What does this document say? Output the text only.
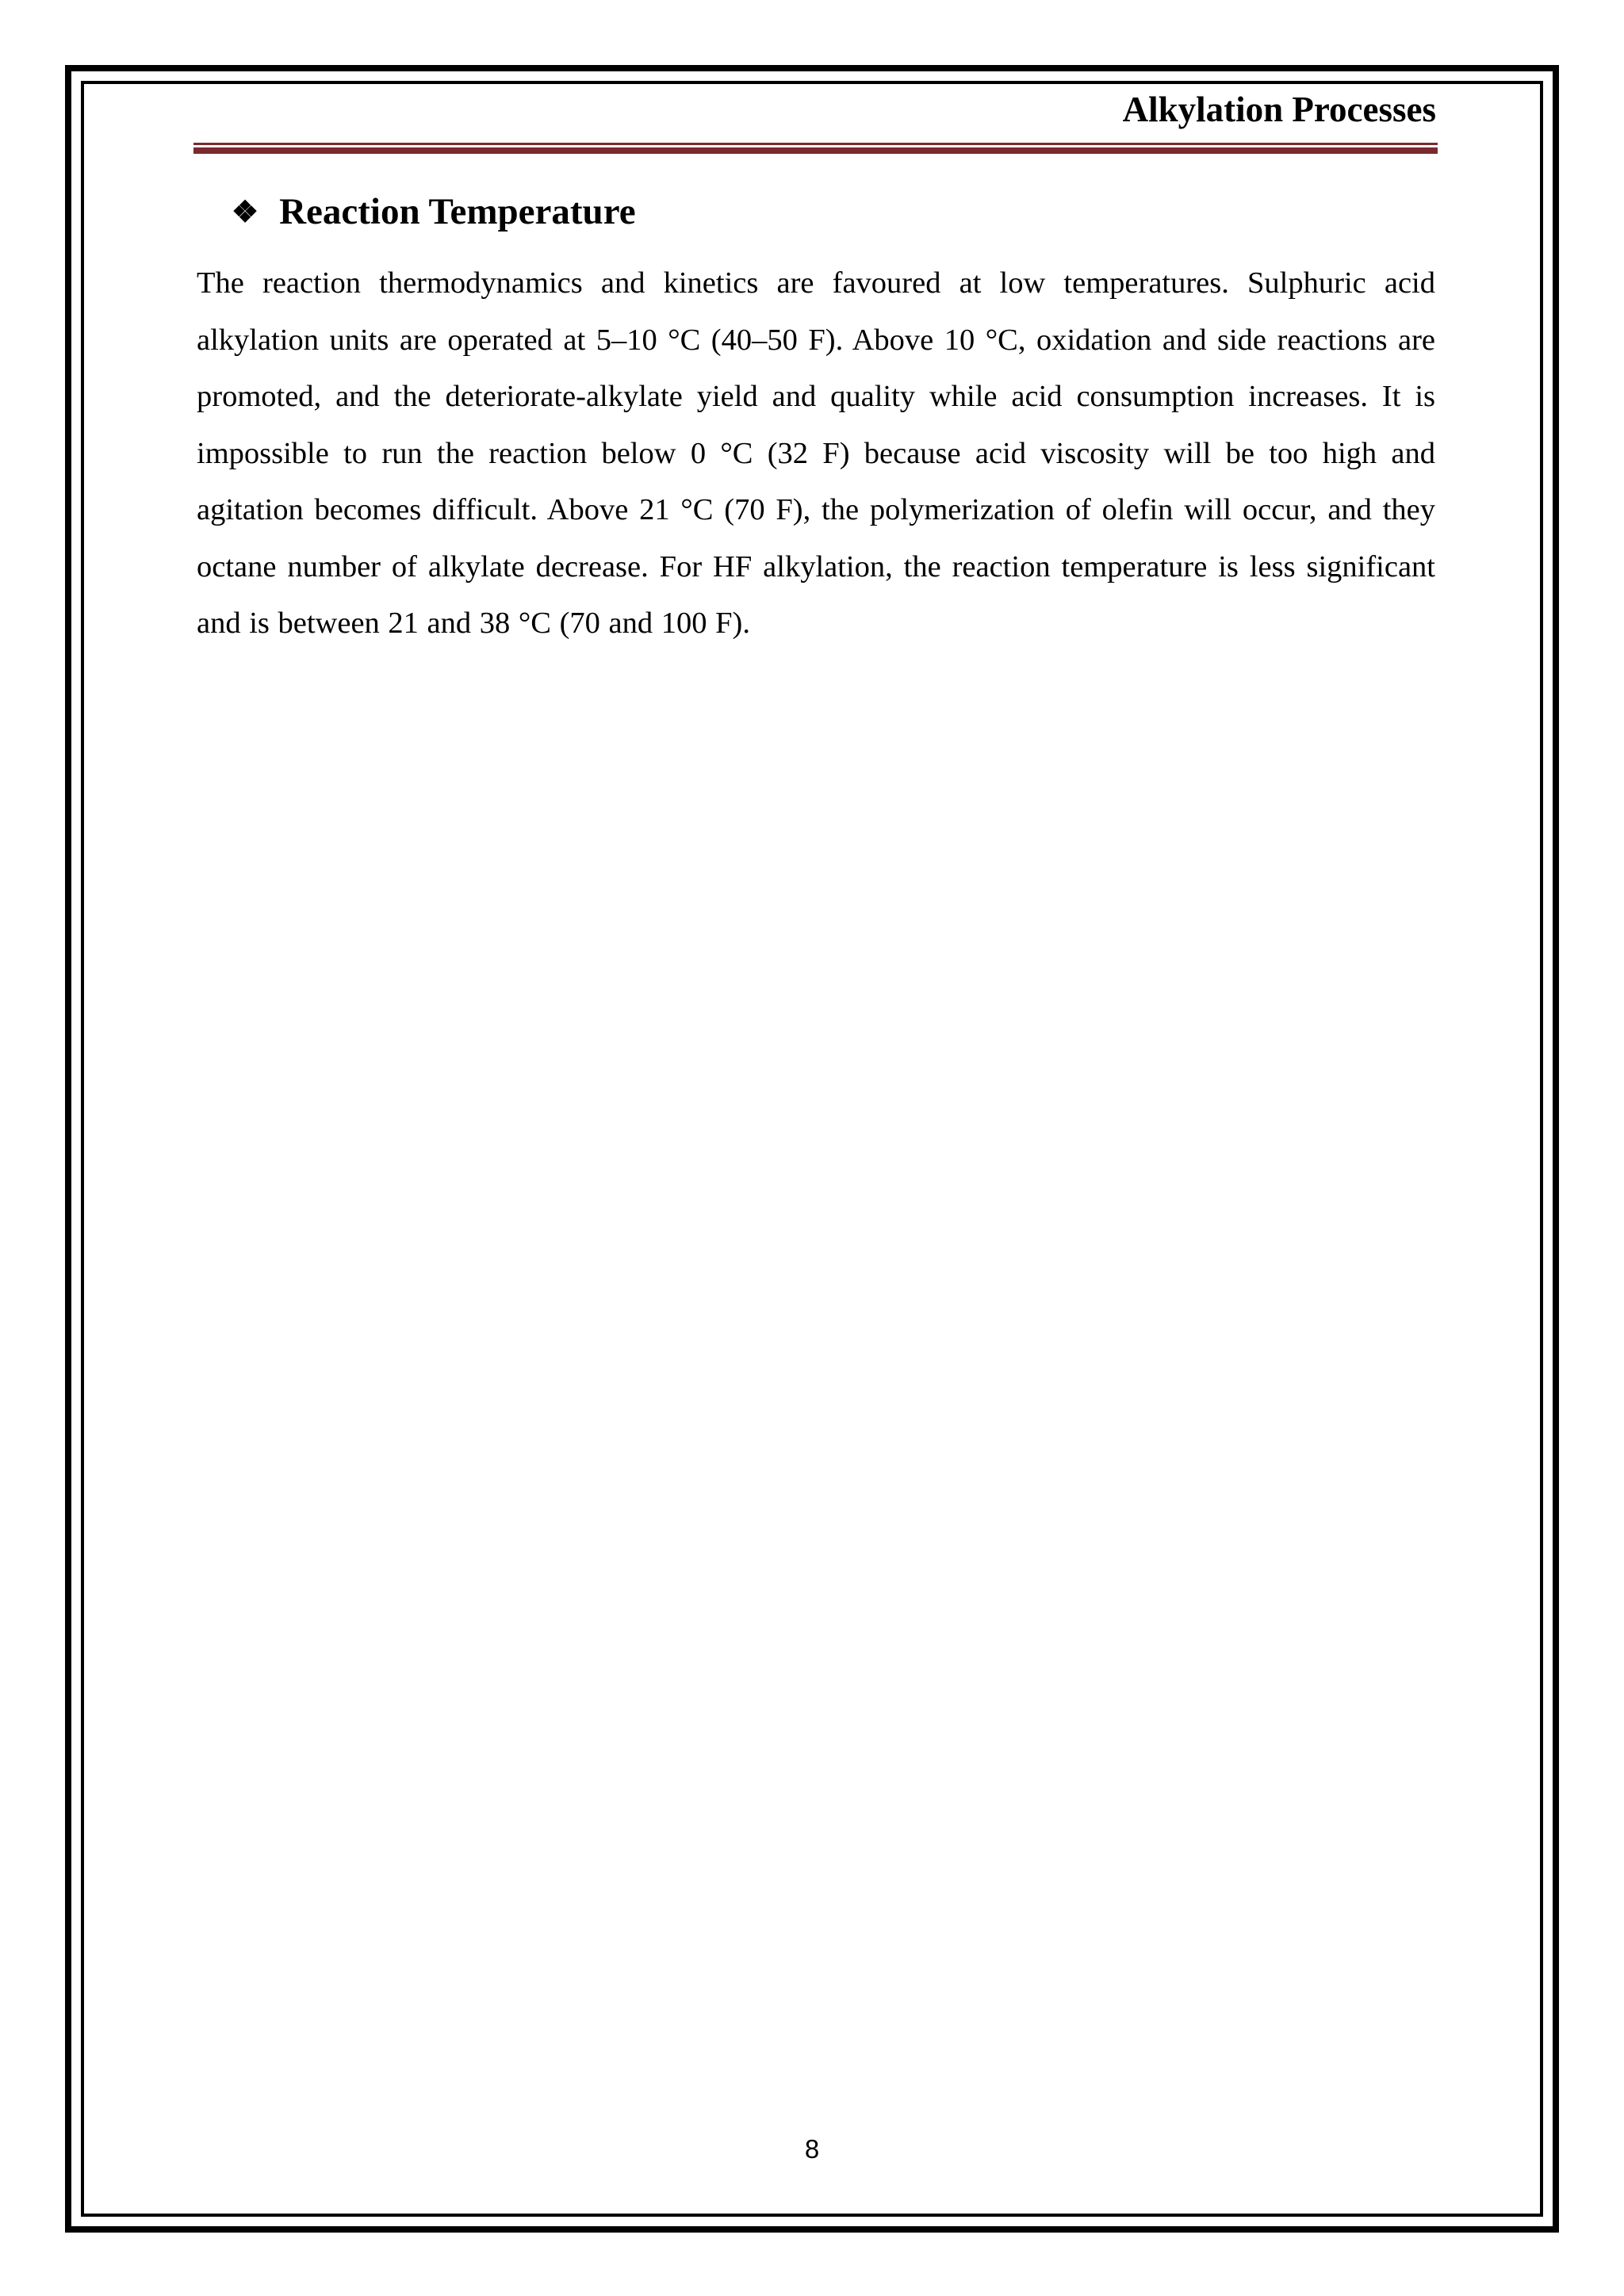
Alkylation Processes
❖ Reaction Temperature

The reaction thermodynamics and kinetics are favoured at low temperatures. Sulphuric acid alkylation units are operated at 5–10 °C (40–50 F). Above 10 °C, oxidation and side reactions are promoted, and the deteriorate-alkylate yield and quality while acid consumption increases. It is impossible to run the reaction below 0 °C (32 F) because acid viscosity will be too high and agitation becomes difficult. Above 21 °C (70 F), the polymerization of olefin will occur, and they octane number of alkylate decrease. For HF alkylation, the reaction temperature is less significant and is between 21 and 38 °C (70 and 100 F).

8
